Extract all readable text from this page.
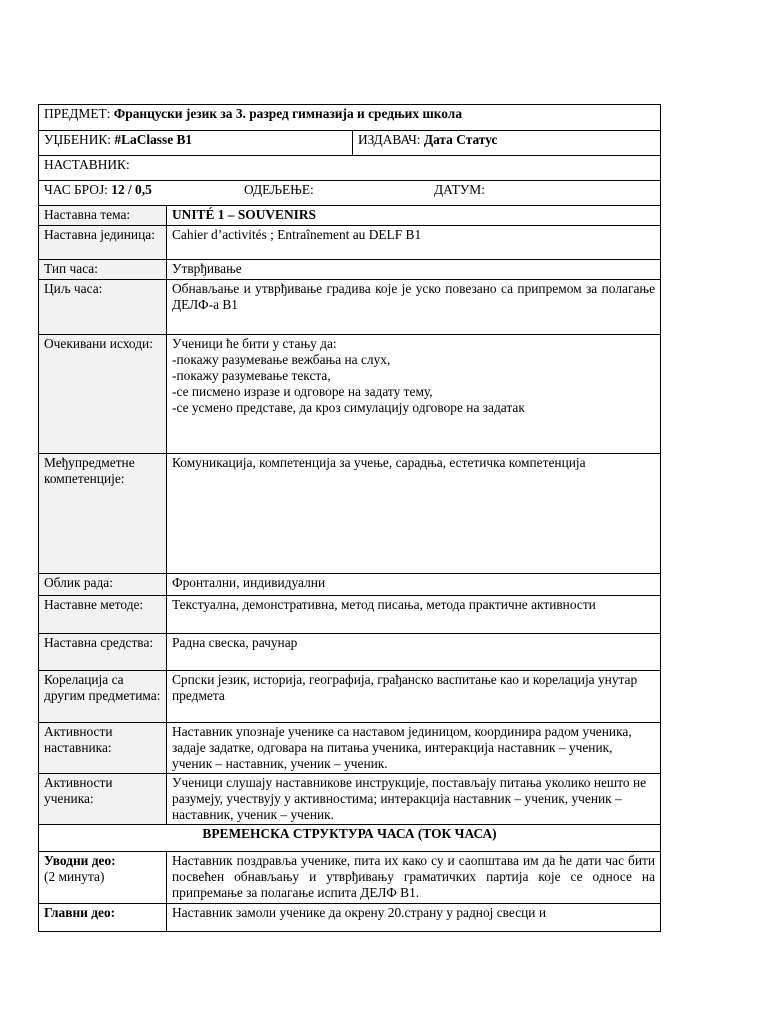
ПРЕДМЕТ: Француски језик за 3. разред гимназија и средњих школа		
УЏБЕНИК: #LaClasse B1		ИЗДАВАЧ: Дата Статус
НАСТАВНИК:		

ЧАС БРОЈ: 12 / 0,5 ОДЕЉЕЊЕ: ДАТУМ:		

Наставна тема:	UNITÉ 1 – SOUVENIRS	
Наставна јединица:	Cahier d’activités ; Entraînement au DELF B1	
Тип часа:	Утврђивање	
Циљ часа:	Обнављање и утврђивање градива које је уско повезано са припремом за полагање ДЕЛФ-а В1	
Очекивани исходи:	Ученици ће бити у стању да:
-покажу разумевање вежбања на слух,
-покажу разумевање текста,
-се писмено изразе и одговоре на задату тему,
-се усмено представе, да кроз симулацију одговоре на задатак	

Међупредметне компетенције:	Комуникација, компетенција за учење, сарадња, естетичка компетенција	
Облик рада:	Фронтални, индивидуални	
Наставне методе:	Текстуална, демонстративна, метод писања, метода практичне активности	
Наставна средства:	Радна свеска, рачунар	
Корелација са другим предметима:	Српски језик, историја, географија, грађанско васпитање као и корелација унутар предмета	
Активности наставника:	Наставник упознаје ученике са наставом јединицом, координира радом ученика, задаје задатке, одговара на питања ученика, интеракција наставник – ученик, ученик – наставник, ученик – ученик.	
Активности ученика:	Ученици слушају наставникове инструкције, постављају питања уколико нешто не разумеју, учествују у активностима; интеракција наставник – ученик, ученик – наставник, ученик – ученик.	
ВРЕМЕНСКА СТРУКТУРА ЧАСА (ТОК ЧАСА)		

Уводни део:
(2 минута)	Наставник поздравља ученике, пита их како су и саопштава им да ће дати час бити посвећен обнављању и утврђивању граматичких партија које се односе на припремање за полагање испита ДЕЛФ В1.	
Главни део:	Наставник замоли ученике да окрену 20.страну у радној свесци и	
